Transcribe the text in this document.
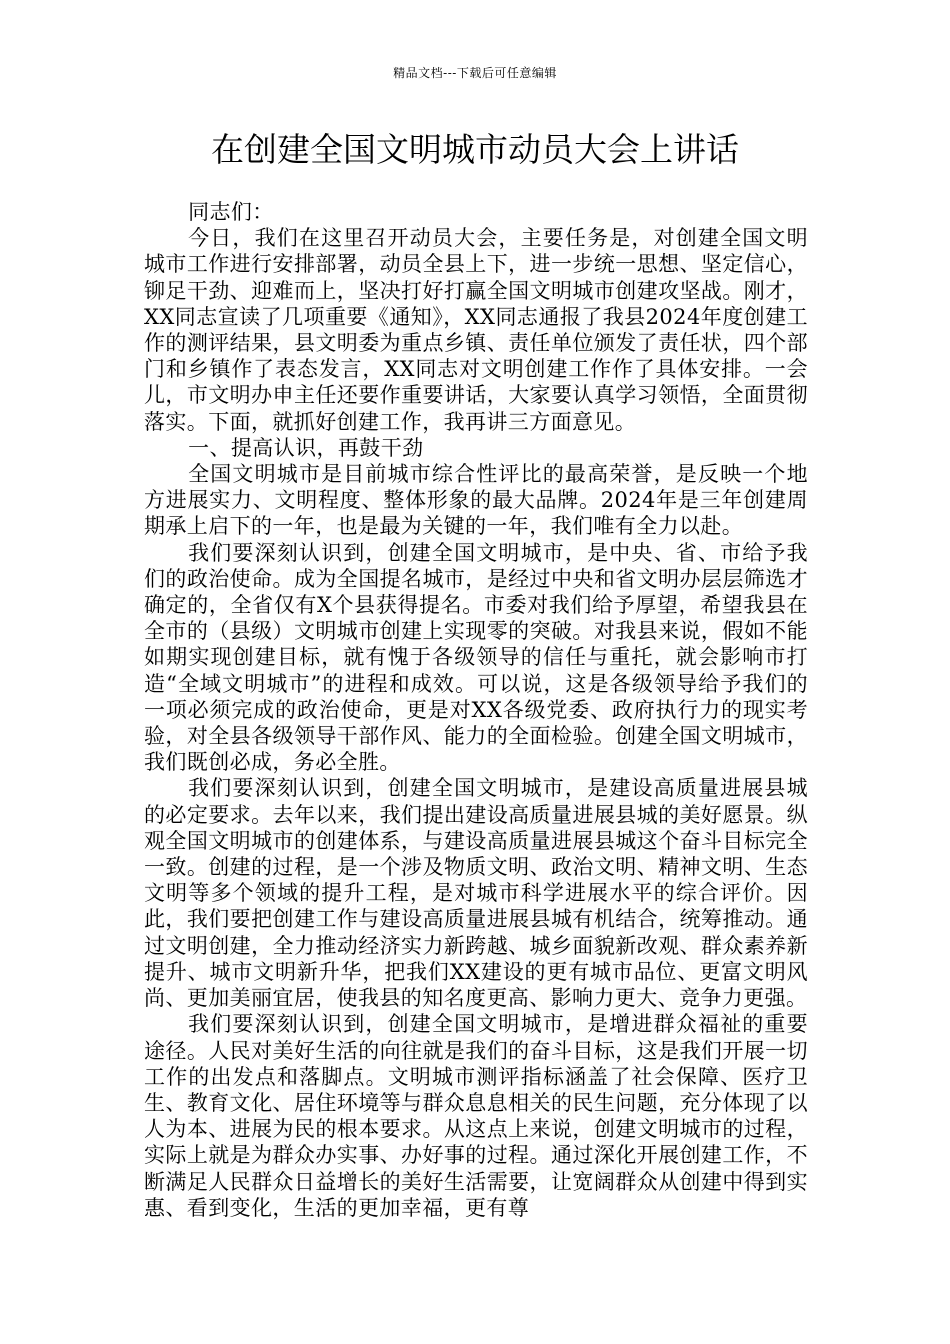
精品文档---下载后可任意编辑
在创建全国文明城市动员大会上讲话

同志们：

今日，我们在这里召开动员大会，主要任务是，对创建全国文明城市工作进行安排部署，动员全县上下，进一步统一思想、坚定信心，铆足干劲、迎难而上，坚决打好打赢全国文明城市创建攻坚战。刚才，XX同志宣读了几项重要《通知》，XX同志通报了我县2024年度创建工作的测评结果，县文明委为重点乡镇、责任单位颁发了责任状，四个部门和乡镇作了表态发言，XX同志对文明创建工作作了具体安排。一会儿，市文明办申主任还要作重要讲话，大家要认真学习领悟，全面贯彻落实。下面，就抓好创建工作，我再讲三方面意见。

一、提高认识，再鼓干劲

全国文明城市是目前城市综合性评比的最高荣誉，是反映一个地方进展实力、文明程度、整体形象的最大品牌。2024年是三年创建周期承上启下的一年，也是最为关键的一年，我们唯有全力以赴。

我们要深刻认识到，创建全国文明城市，是中央、省、市给予我们的政治使命。成为全国提名城市，是经过中央和省文明办层层筛选才确定的，全省仅有X个县获得提名。市委对我们给予厚望，希望我县在全市的（县级）文明城市创建上实现零的突破。对我县来说，假如不能如期实现创建目标，就有愧于各级领导的信任与重托，就会影响市打造“全域文明城市”的进程和成效。可以说，这是各级领导给予我们的一项必须完成的政治使命，更是对XX各级党委、政府执行力的现实考验，对全县各级领导干部作风、能力的全面检验。创建全国文明城市，我们既创必成，务必全胜。

我们要深刻认识到，创建全国文明城市，是建设高质量进展县城的必定要求。去年以来，我们提出建设高质量进展县城的美好愿景。纵观全国文明城市的创建体系，与建设高质量进展县城这个奋斗目标完全一致。创建的过程，是一个涉及物质文明、政治文明、精神文明、生态文明等多个领域的提升工程，是对城市科学进展水平的综合评价。因此，我们要把创建工作与建设高质量进展县城有机结合，统筹推动。通过文明创建，全力推动经济实力新跨越、城乡面貌新改观、群众素养新提升、城市文明新升华，把我们XX建设的更有城市品位、更富文明风尚、更加美丽宜居，使我县的知名度更高、影响力更大、竞争力更强。

我们要深刻认识到，创建全国文明城市，是增进群众福祉的重要途径。人民对美好生活的向往就是我们的奋斗目标，这是我们开展一切工作的出发点和落脚点。文明城市测评指标涵盖了社会保障、医疗卫生、教育文化、居住环境等与群众息息相关的民生问题，充分体现了以人为本、进展为民的根本要求。从这点上来说，创建文明城市的过程，实际上就是为群众办实事、办好事的过程。通过深化开展创建工作，不断满足人民群众日益增长的美好生活需要，让宽阔群众从创建中得到实惠、看到变化，生活的更加幸福，更有尊
